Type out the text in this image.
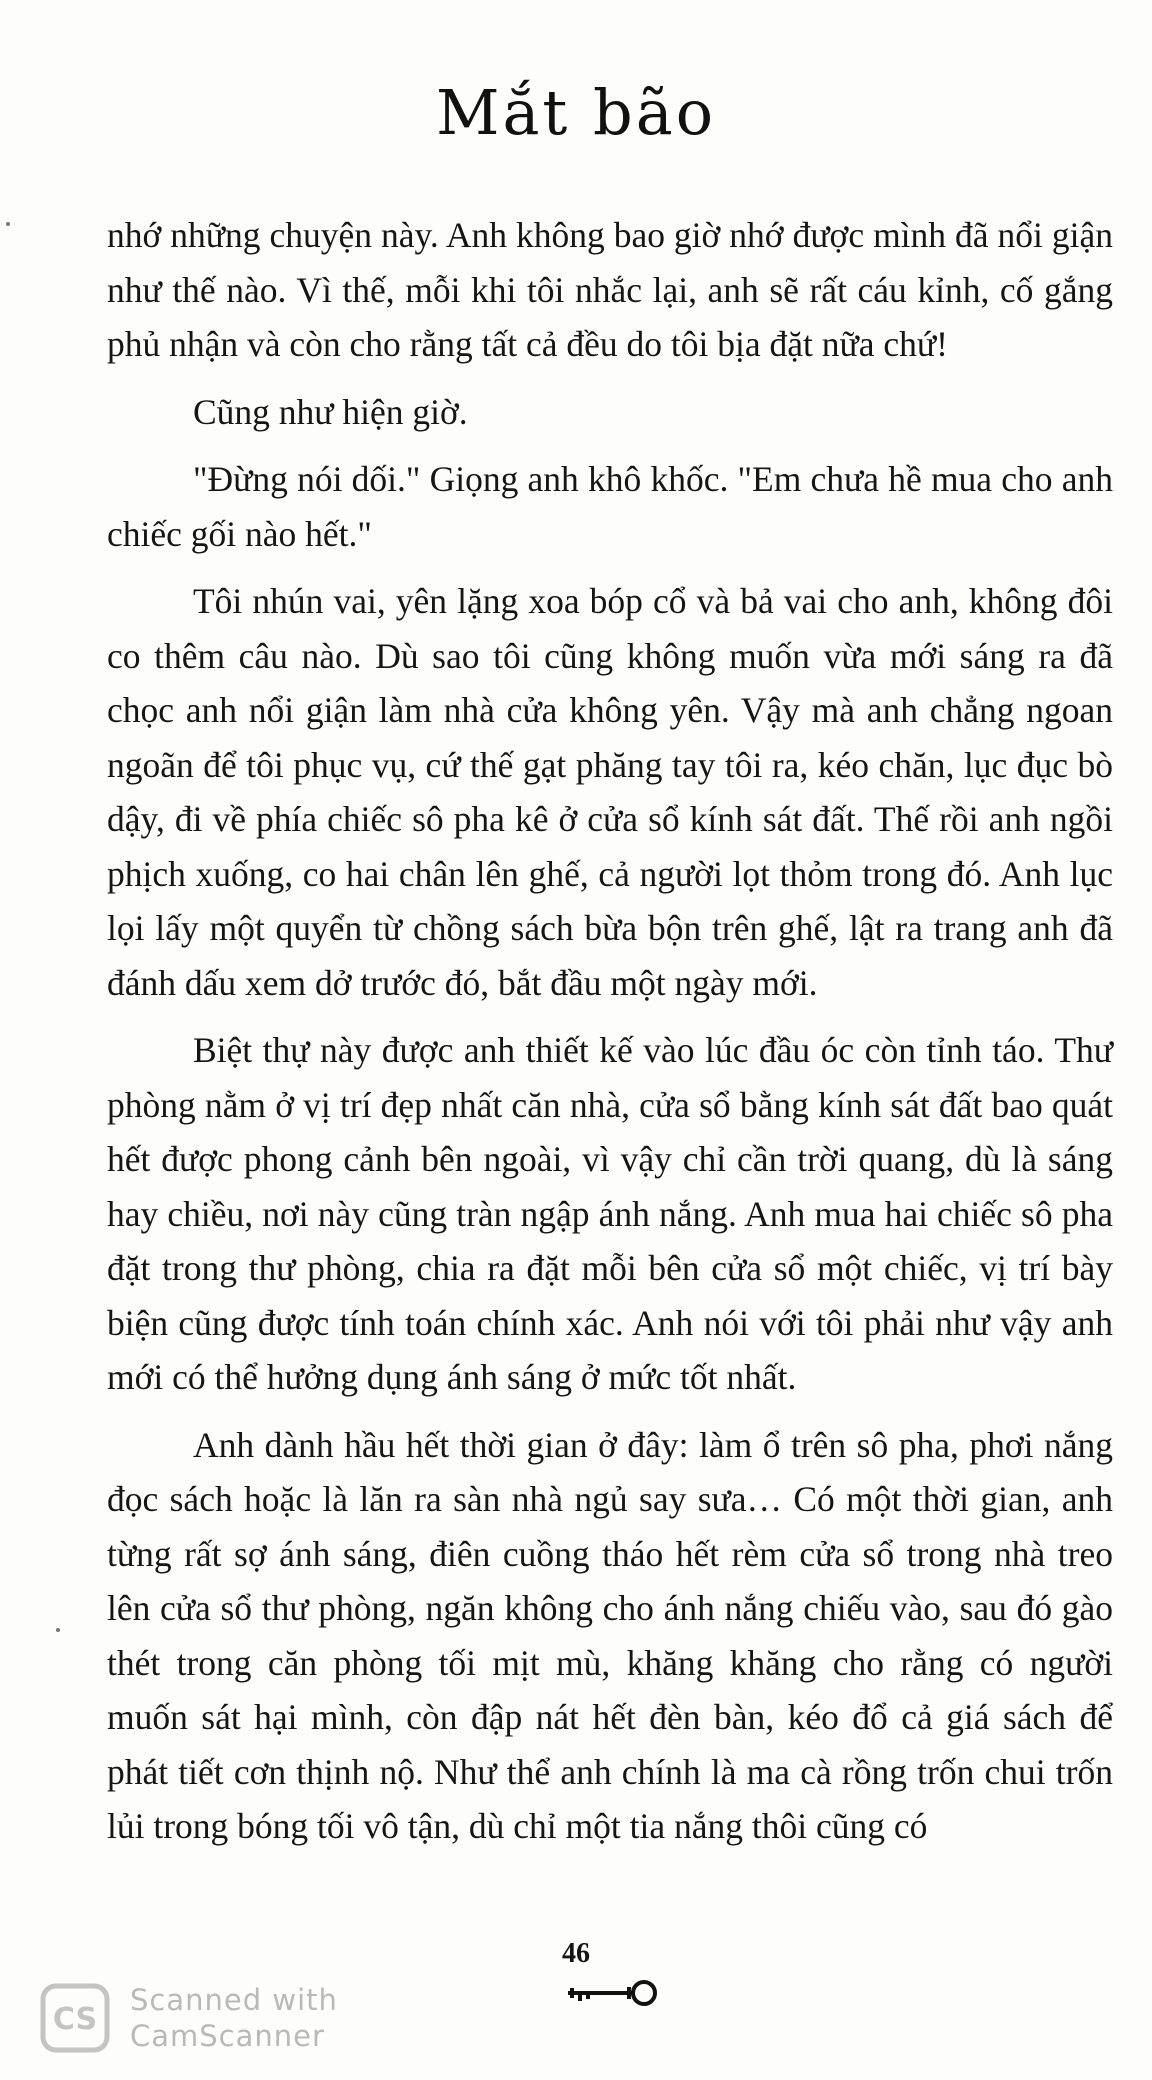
Mắt bão

nhớ những chuyện này. Anh không bao giờ nhớ được mình đã nổi giận như thế nào. Vì thế, mỗi khi tôi nhắc lại, anh sẽ rất cáu kỉnh, cố gắng phủ nhận và còn cho rằng tất cả đều do tôi bịa đặt nữa chứ!

Cũng như hiện giờ.

"Đừng nói dối." Giọng anh khô khốc. "Em chưa hề mua cho anh chiếc gối nào hết."

Tôi nhún vai, yên lặng xoa bóp cổ và bả vai cho anh, không đôi co thêm câu nào. Dù sao tôi cũng không muốn vừa mới sáng ra đã chọc anh nổi giận làm nhà cửa không yên. Vậy mà anh chẳng ngoan ngoãn để tôi phục vụ, cứ thế gạt phăng tay tôi ra, kéo chăn, lục đục bò dậy, đi về phía chiếc sô pha kê ở cửa sổ kính sát đất. Thế rồi anh ngồi phịch xuống, co hai chân lên ghế, cả người lọt thỏm trong đó. Anh lục lọi lấy một quyển từ chồng sách bừa bộn trên ghế, lật ra trang anh đã đánh dấu xem dở trước đó, bắt đầu một ngày mới.

Biệt thự này được anh thiết kế vào lúc đầu óc còn tỉnh táo. Thư phòng nằm ở vị trí đẹp nhất căn nhà, cửa sổ bằng kính sát đất bao quát hết được phong cảnh bên ngoài, vì vậy chỉ cần trời quang, dù là sáng hay chiều, nơi này cũng tràn ngập ánh nắng. Anh mua hai chiếc sô pha đặt trong thư phòng, chia ra đặt mỗi bên cửa sổ một chiếc, vị trí bày biện cũng được tính toán chính xác. Anh nói với tôi phải như vậy anh mới có thể hưởng dụng ánh sáng ở mức tốt nhất.

Anh dành hầu hết thời gian ở đây: làm ổ trên sô pha, phơi nắng đọc sách hoặc là lăn ra sàn nhà ngủ say sưa… Có một thời gian, anh từng rất sợ ánh sáng, điên cuồng tháo hết rèm cửa sổ trong nhà treo lên cửa sổ thư phòng, ngăn không cho ánh nắng chiếu vào, sau đó gào thét trong căn phòng tối mịt mù, khăng khăng cho rằng có người muốn sát hại mình, còn đập nát hết đèn bàn, kéo đổ cả giá sách để phát tiết cơn thịnh nộ. Như thể anh chính là ma cà rồng trốn chui trốn lủi trong bóng tối vô tận, dù chỉ một tia nắng thôi cũng có

46
CS
Scanned with
CamScanner
